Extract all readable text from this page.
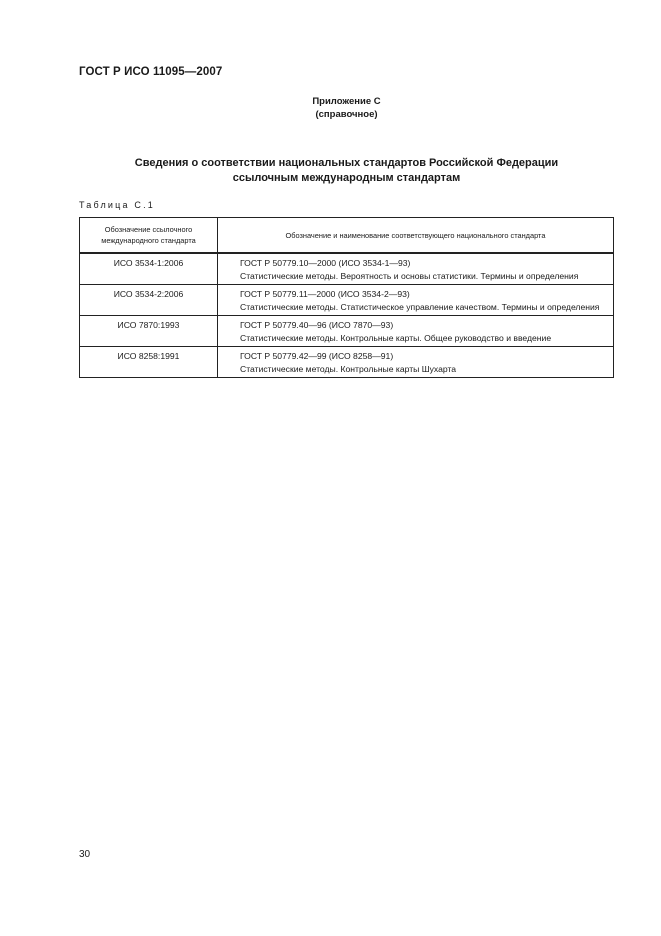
ГОСТ Р ИСО 11095—2007
Приложение С
(справочное)
Сведения о соответствии национальных стандартов Российской Федерации
ссылочным международным стандартам
Таблица С.1
Обозначение ссылочного международного стандарта	Обозначение и наименование соответствующего национального стандарта
ИСО 3534-1:2006	ГОСТ Р 50779.10—2000 (ИСО 3534-1—93)
Статистические методы. Вероятность и основы статистики. Термины и определения

ИСО 3534-2:2006	ГОСТ Р 50779.11—2000 (ИСО 3534-2—93)
Статистические методы. Статистическое управление качеством. Термины и определения

ИСО 7870:1993	ГОСТ Р 50779.40—96 (ИСО 7870—93)
Статистические методы. Контрольные карты. Общее руководство и введение

ИСО 8258:1991	ГОСТ Р 50779.42—99 (ИСО 8258—91)
Статистические методы. Контрольные карты Шухарта
30
